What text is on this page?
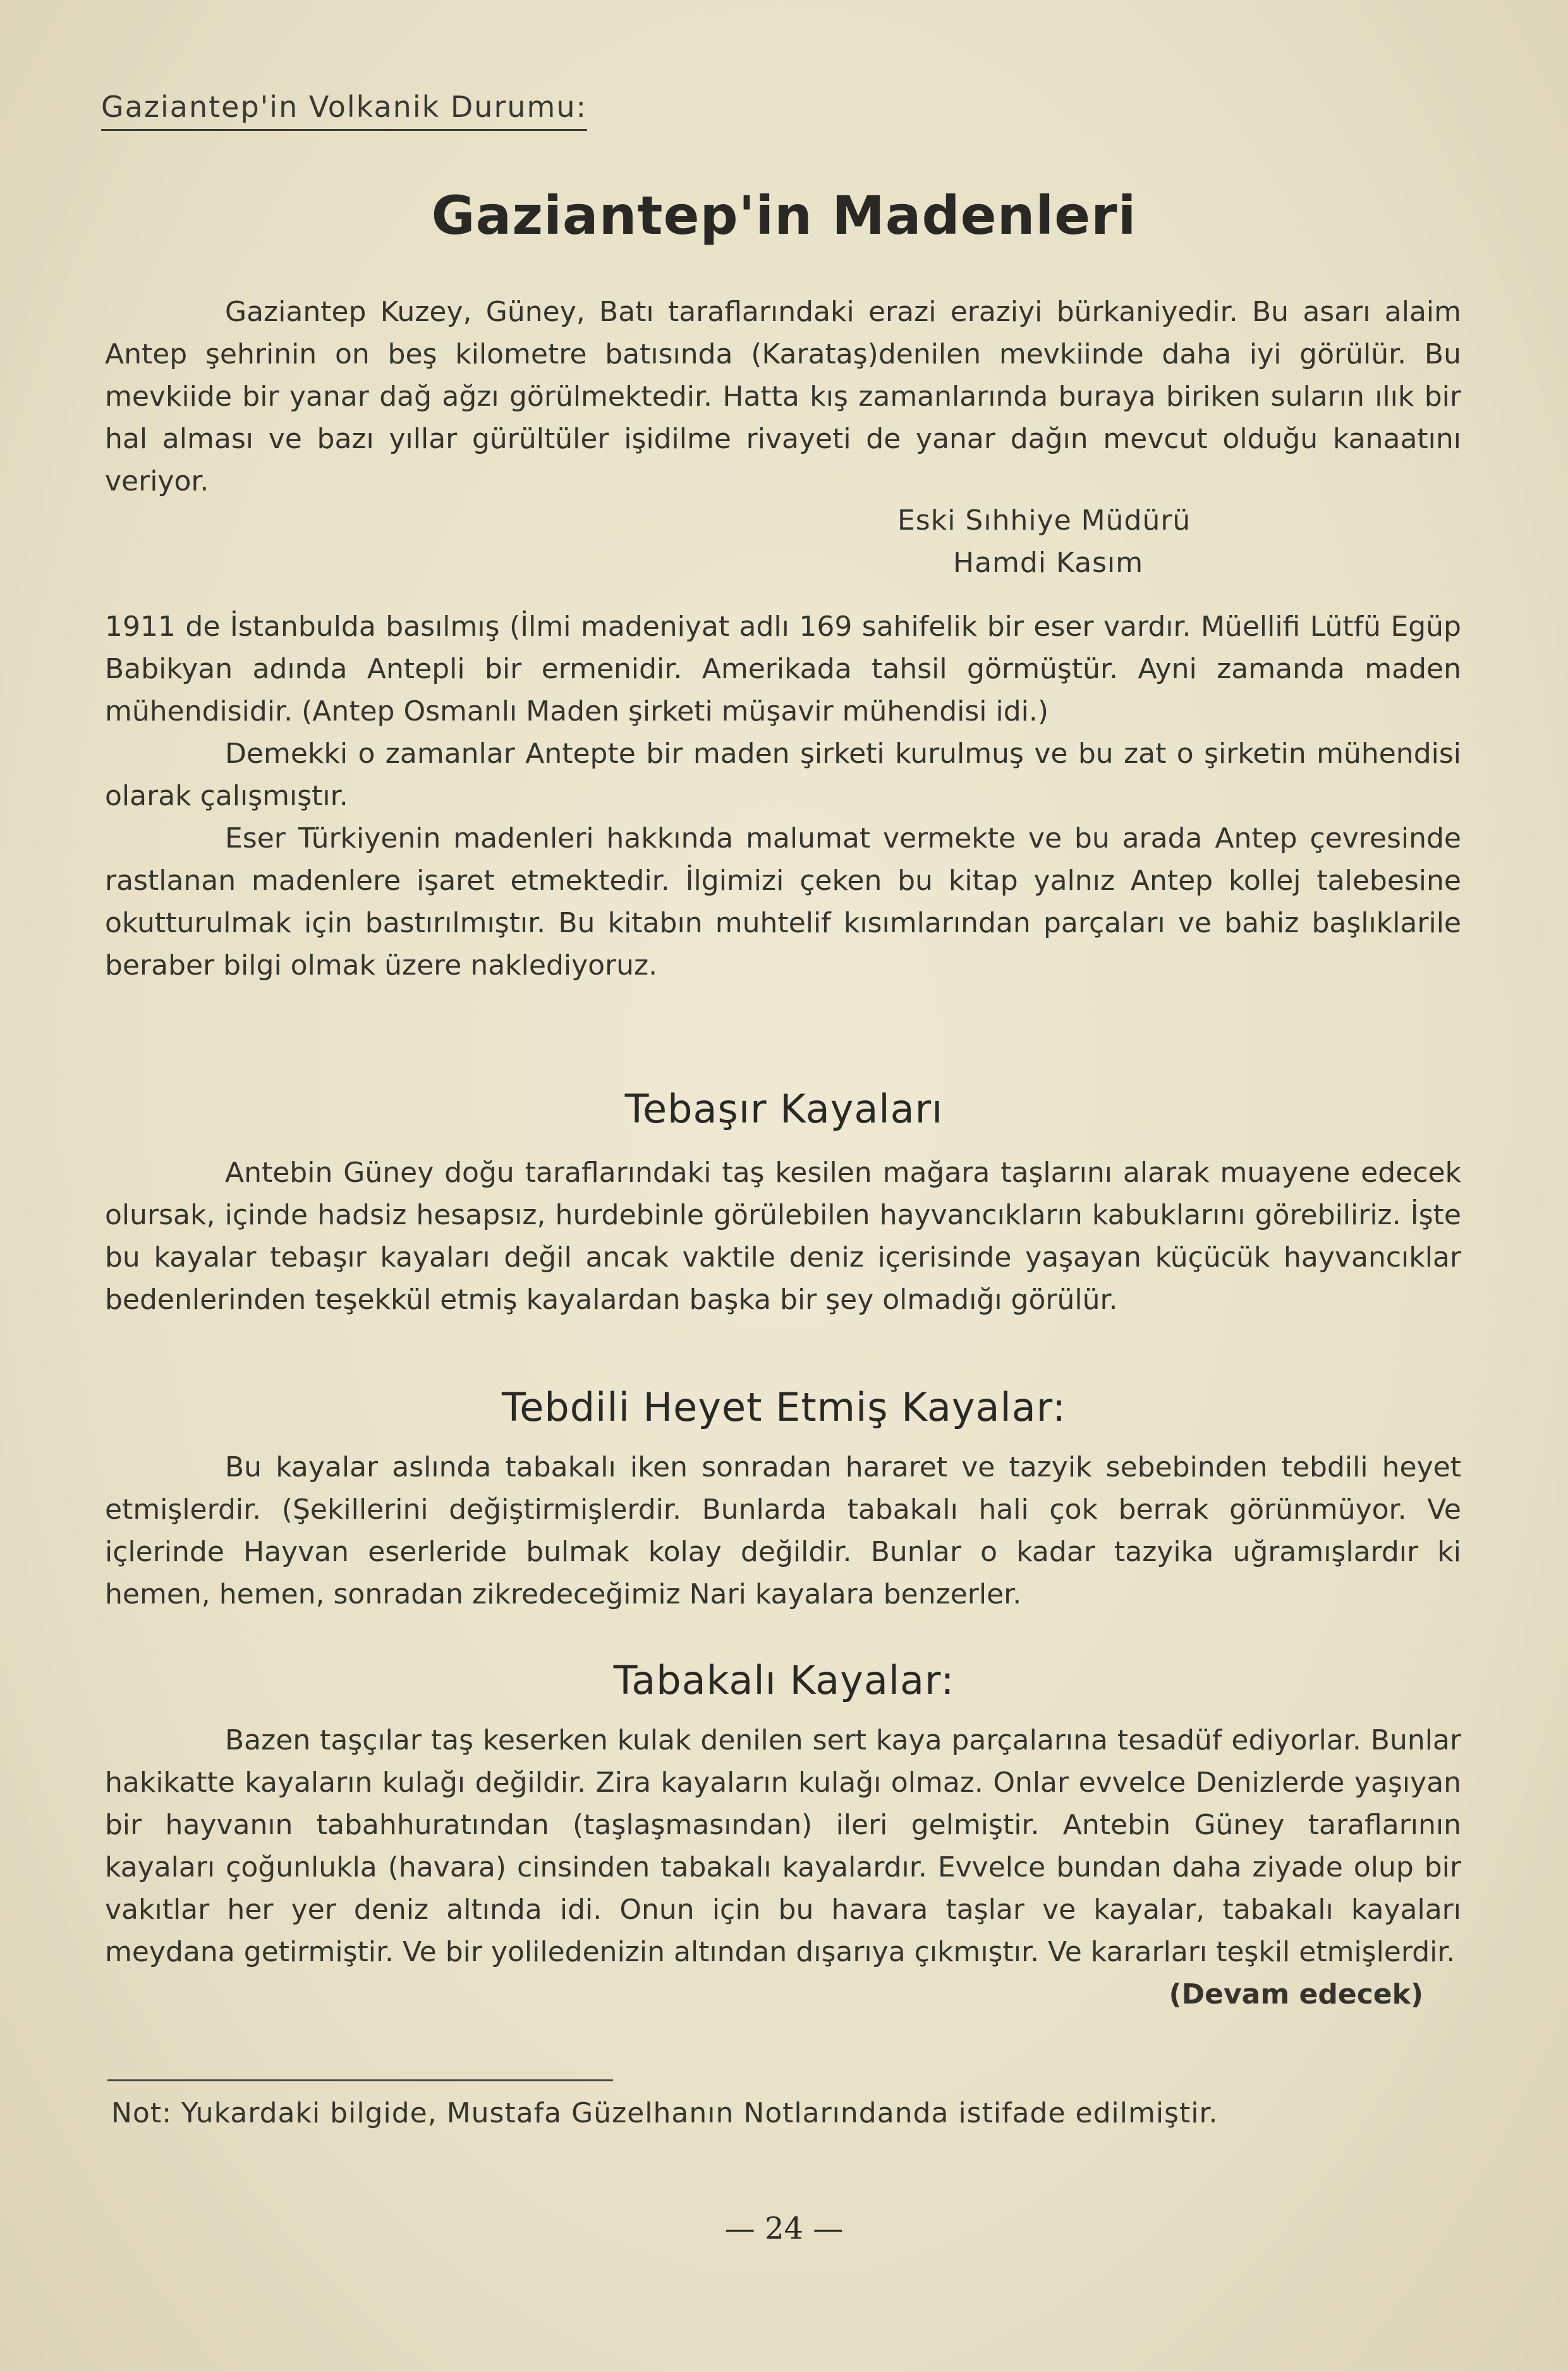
Gaziantep'in Volkanik Durumu:
Gaziantep'in Madenleri

Gaziantep Kuzey, Güney, Batı taraflarındaki erazi eraziyi bürkaniyedir. Bu asarı alaim Antep şehrinin on beş kilometre batısında (Karataş)denilen mevkiinde daha iyi görülür. Bu mevkiide bir yanar dağ ağzı görülmektedir. Hatta kış zamanlarında buraya biriken suların ılık bir hal alması ve bazı yıllar gürültüler işidilme rivayeti de yanar dağın mevcut olduğu kanaatını veriyor.

Eski Sıhhiye Müdürü
Hamdi Kasım

1911 de İstanbulda basılmış (İlmi madeniyat adlı 169 sahifelik bir eser vardır. Müellifi Lütfü Egüp Babikyan adında Antepli bir ermenidir. Amerikada tahsil görmüştür. Ayni zamanda maden mühendisidir. (Antep Osmanlı Maden şirketi müşavir mühendisi idi.)

Demekki o zamanlar Antepte bir maden şirketi kurulmuş ve bu zat o şirketin mühendisi olarak çalışmıştır.

Eser Türkiyenin madenleri hakkında malumat vermekte ve bu arada Antep çevresinde rastlanan madenlere işaret etmektedir. İlgimizi çeken bu kitap yalnız Antep kollej talebesine okutturulmak için bastırılmıştır. Bu kitabın muhtelif kısımlarından parçaları ve bahiz başlıklarile beraber bilgi olmak üzere naklediyoruz.

Tebaşır Kayaları

Antebin Güney doğu taraflarındaki taş kesilen mağara taşlarını alarak muayene edecek olursak, içinde hadsiz hesapsız, hurdebinle görülebilen hayvancıkların kabuklarını görebiliriz. İşte bu kayalar tebaşır kayaları değil ancak vaktile deniz içerisinde yaşayan küçücük hayvancıklar bedenlerinden teşekkül etmiş kayalardan başka bir şey olmadığı görülür.

Tebdili Heyet Etmiş Kayalar:

Bu kayalar aslında tabakalı iken sonradan hararet ve tazyik sebebinden tebdili heyet etmişlerdir. (Şekillerini değiştirmişlerdir. Bunlarda tabakalı hali çok berrak görünmüyor. Ve içlerinde Hayvan eserleride bulmak kolay değildir. Bunlar o kadar tazyika uğramışlardır ki hemen, hemen, sonradan zikredeceğimiz Nari kayalara benzerler.

Tabakalı Kayalar:

Bazen taşçılar taş keserken kulak denilen sert kaya parçalarına tesadüf ediyorlar. Bunlar hakikatte kayaların kulağı değildir. Zira kayaların kulağı olmaz. Onlar evvelce Denizlerde yaşıyan bir hayvanın tabahhuratından (taşlaşmasından) ileri gelmiştir. Antebin Güney taraflarının kayaları çoğunlukla (havara) cinsinden tabakalı kayalardır. Evvelce bundan daha ziyade olup bir vakıtlar her yer deniz altında idi. Onun için bu havara taşlar ve kayalar, tabakalı kayaları meydana getirmiştir. Ve bir yoliledenizin altından dışarıya çıkmıştır. Ve kararları teşkil etmişlerdir.
(Devam edecek)

Not: Yukardaki bilgide, Mustafa Güzelhanın Notlarındanda istifade edilmiştir.
— 24 —
